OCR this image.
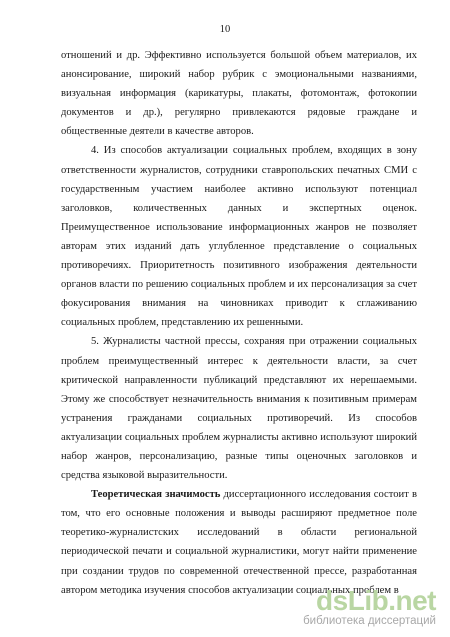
10

отношений и др. Эффективно используется большой объем материалов, их анонсирование, широкий набор рубрик с эмоциональными названиями, визуальная информация (карикатуры, плакаты, фотомонтаж, фотокопии документов и др.), регулярно привлекаются рядовые граждане и общественные деятели в качестве авторов.

4. Из способов актуализации социальных проблем, входящих в зону ответственности журналистов, сотрудники ставропольских печатных СМИ с государственным участием наиболее активно используют потенциал заголовков, количественных данных и экспертных оценок. Преимущественное использование информационных жанров не позволяет авторам этих изданий дать углубленное представление о социальных противоречиях. Приоритетность позитивного изображения деятельности органов власти по решению социальных проблем и их персонализация за счет фокусирования внимания на чиновниках приводит к сглаживанию социальных проблем, представлению их решенными.

5. Журналисты частной прессы, сохраняя при отражении социальных проблем преимущественный интерес к деятельности власти, за счет критической направленности публикаций представляют их нерешаемыми. Этому же способствует незначительность внимания к позитивным примерам устранения гражданами социальных противоречий. Из способов актуализации социальных проблем журналисты активно используют широкий набор жанров, персонализацию, разные типы оценочных заголовков и средства языковой выразительности.

Теоретическая значимость диссертационного исследования состоит в том, что его основные положения и выводы расширяют предметное поле теоретико-журналистских исследований в области региональной периодической печати и социальной журналистики, могут найти применение при создании трудов по современной отечественной прессе, разработанная автором методика изучения способов актуализации социальных проблем в

dsLib.net
библиотека диссертаций
